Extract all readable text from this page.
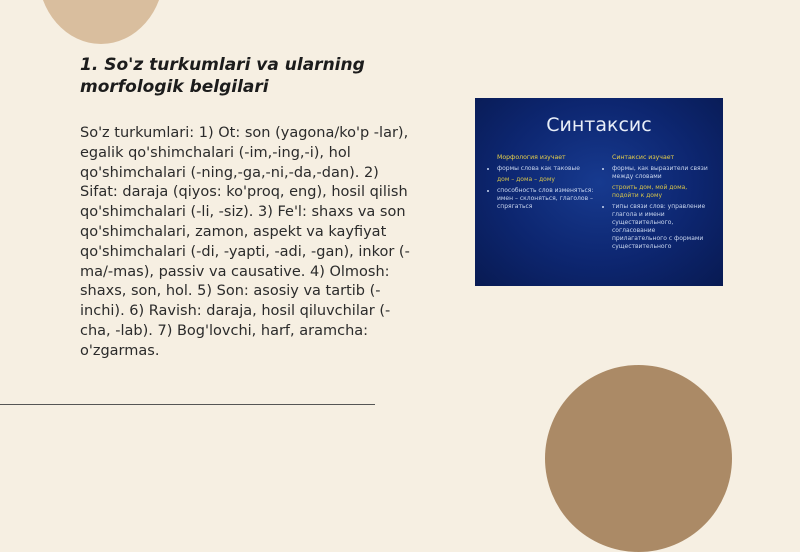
1. So'z turkumlari va ularning morfologik belgilari

So'z turkumlari: 1) Ot: son (yagona/ko'p -lar), egalik qo'shimchalari (-im,-ing,-i), hol qo'shimchalari (-ning,-ga,-ni,-da,-dan). 2) Sifat: daraja (qiyos: ko'proq, eng), hosil qilish qo'shimchalari (-li, -siz). 3) Fe'l: shaxs va son qo'shimchalari, zamon, aspekt va kayfiyat qo'shimchalari (-di, -yapti, -adi, -gan), inkor (-ma/-mas), passiv va causative. 4) Olmosh: shaxs, son, hol. 5) Son: asosiy va tartib (-inchi). 6) Ravish: daraja, hosil qiluvchilar (-cha, -lab). 7) Bog'lovchi, harf, aramcha: o'zgarmas.

Синтаксис
Морфология изучает
• формы слова как таковые
дом – дома – дому
• способность слов изменяться: имен – склоняться, глаголов – спрягаться
Синтаксис изучает
• формы, как выразители связи между словами
строить дом, мой дома, подойти к дому
• типы связи слов: управление глагола и имени существительного, согласование прилагательного с формами существительного
